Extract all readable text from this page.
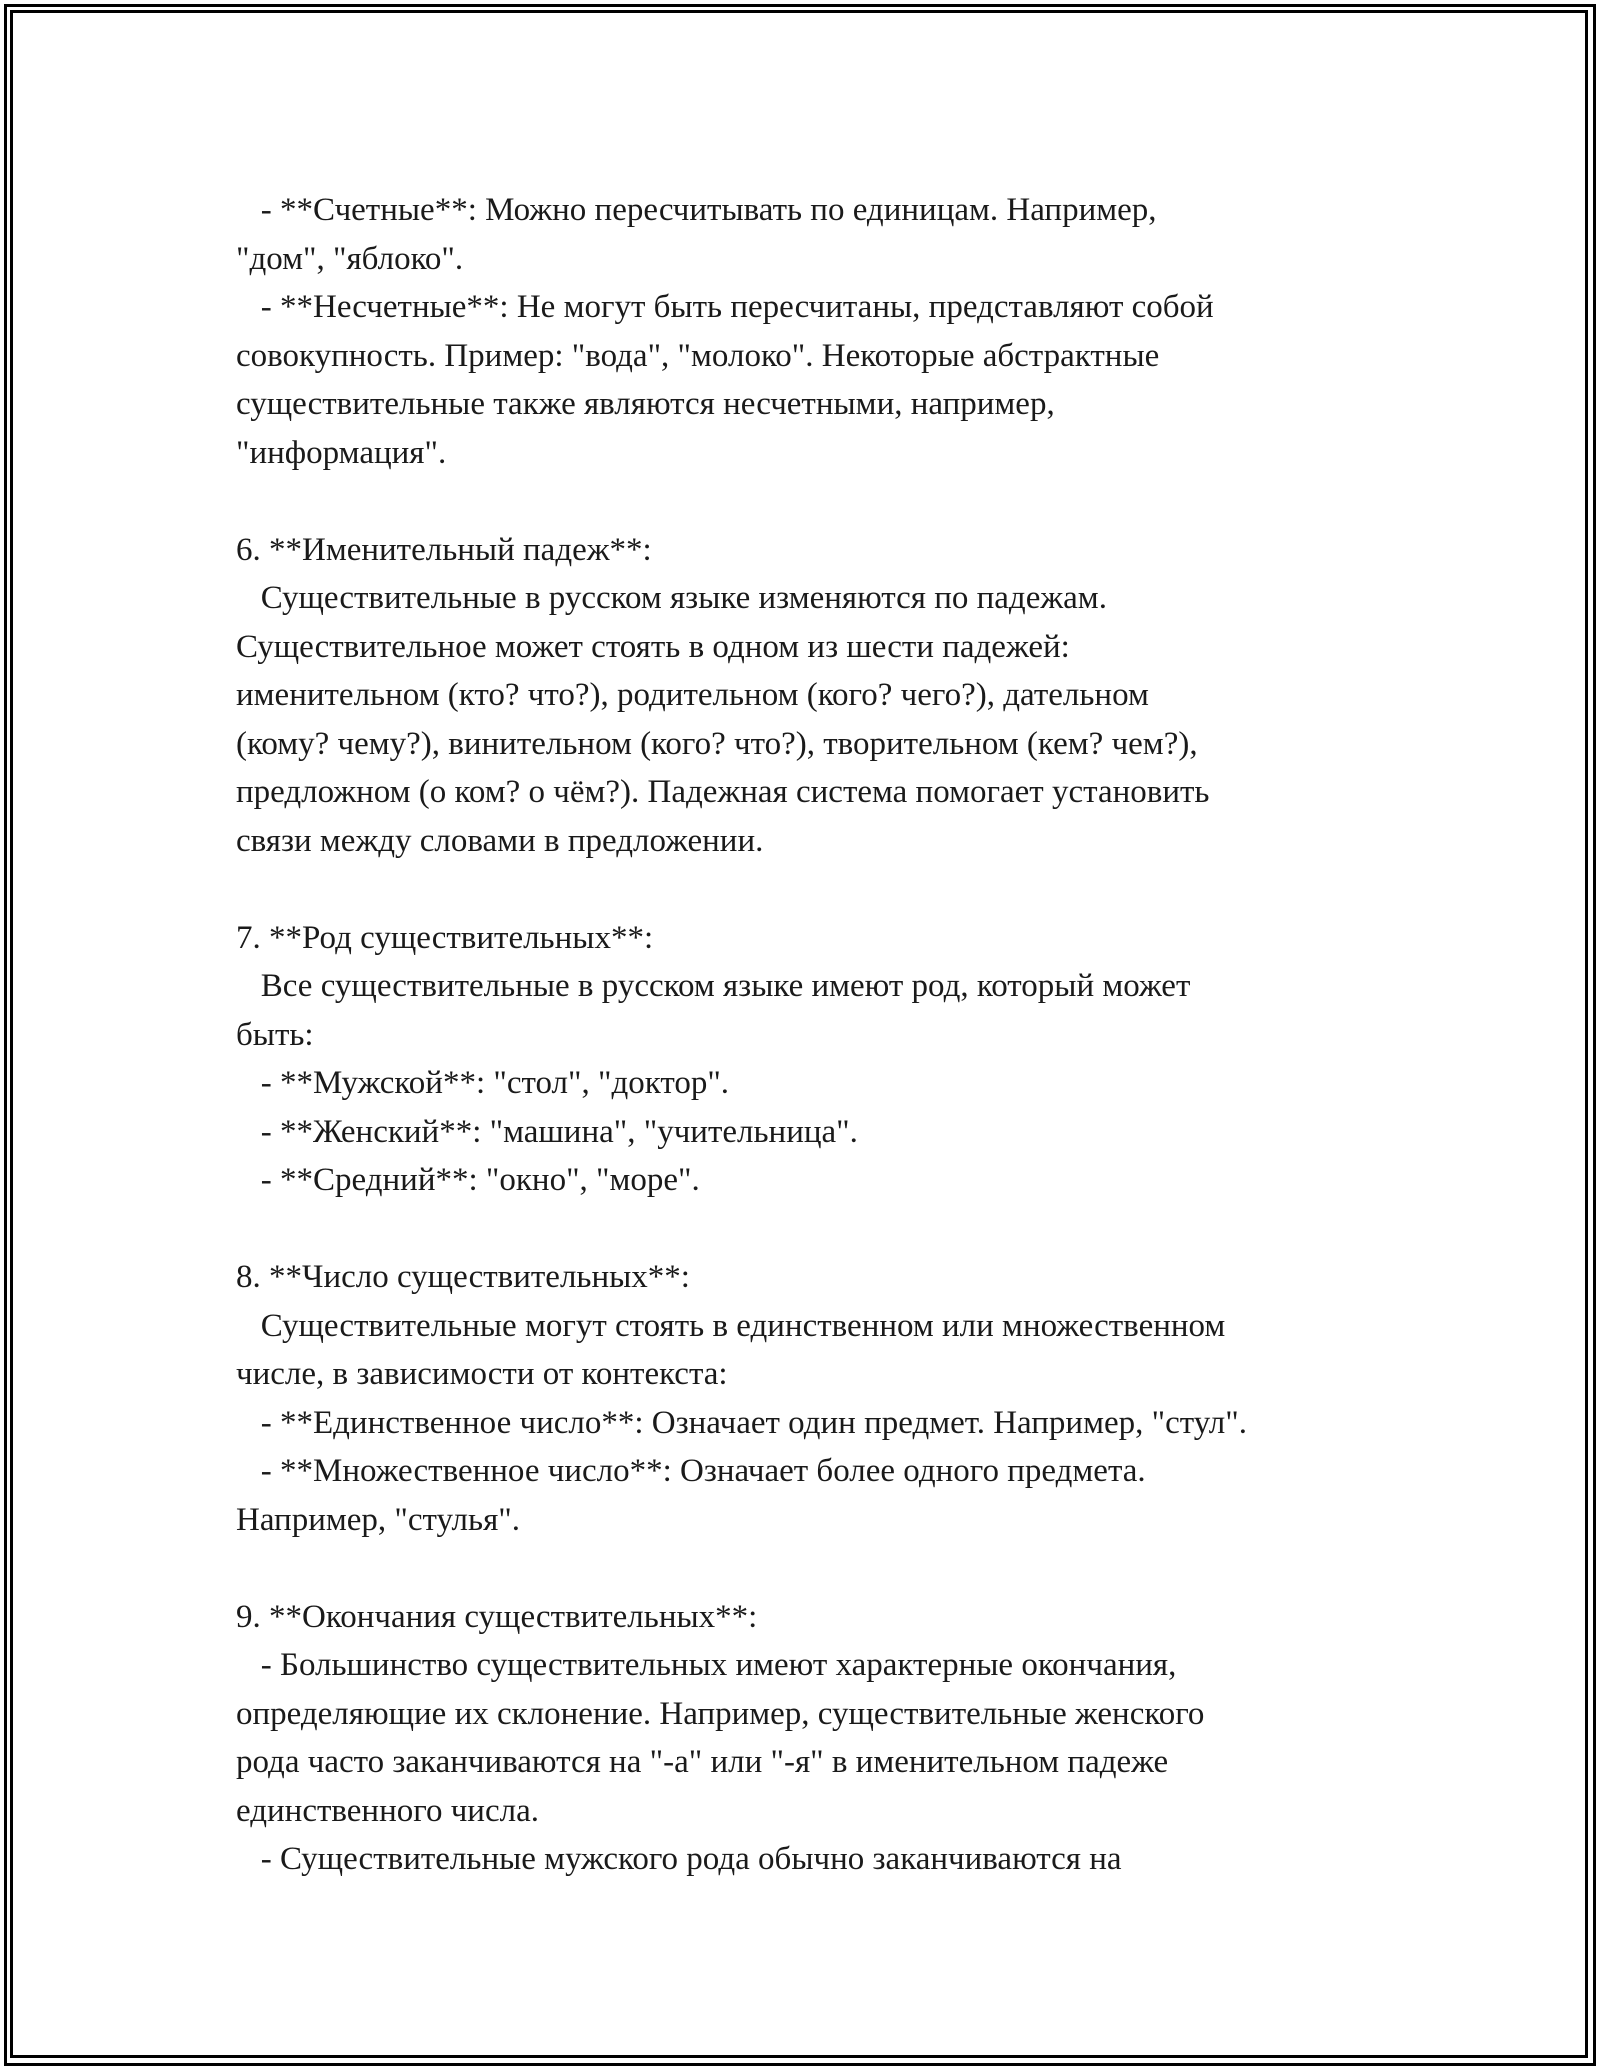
- **Счетные**: Можно пересчитывать по единицам. Например,
"дом", "яблоко".
- **Несчетные**: Не могут быть пересчитаны, представляют собой
совокупность. Пример: "вода", "молоко". Некоторые абстрактные
существительные также являются несчетными, например,
"информация".
6. **Именительный падеж**:
Существительные в русском языке изменяются по падежам.
Существительное может стоять в одном из шести падежей:
именительном (кто? что?), родительном (кого? чего?), дательном
(кому? чему?), винительном (кого? что?), творительном (кем? чем?),
предложном (о ком? о чём?). Падежная система помогает установить
связи между словами в предложении.
7. **Род существительных**:
Все существительные в русском языке имеют род, который может
быть:
- **Мужской**: "стол", "доктор".
- **Женский**: "машина", "учительница".
- **Средний**: "окно", "море".
8. **Число существительных**:
Существительные могут стоять в единственном или множественном
числе, в зависимости от контекста:
- **Единственное число**: Означает один предмет. Например, "стул".
- **Множественное число**: Означает более одного предмета.
Например, "стулья".
9. **Окончания существительных**:
- Большинство существительных имеют характерные окончания,
определяющие их склонение. Например, существительные женского
рода часто заканчиваются на "-а" или "-я" в именительном падеже
единственного числа.
- Существительные мужского рода обычно заканчиваются на
